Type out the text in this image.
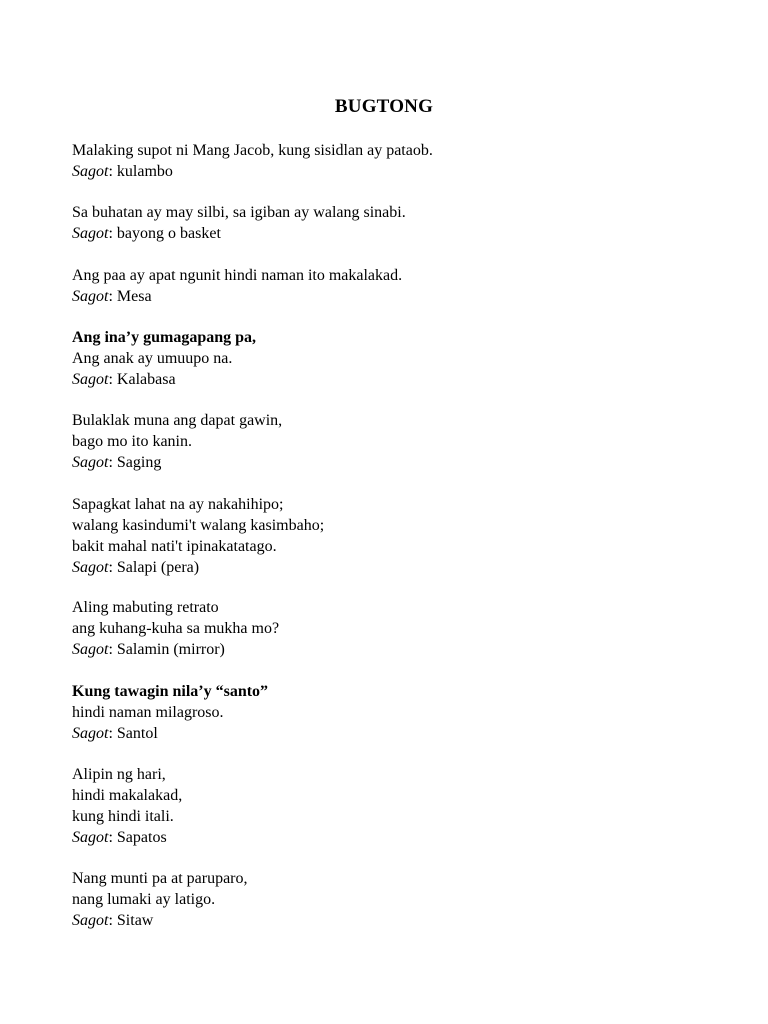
BUGTONG
Malaking supot ni Mang Jacob, kung sisidlan ay pataob.
Sagot: kulambo
Sa buhatan ay may silbi, sa igiban ay walang sinabi.
Sagot: bayong o basket
Ang paa ay apat ngunit hindi naman ito makalakad.
Sagot: Mesa
Ang ina’y gumagapang pa,
Ang anak ay umuupo na.
Sagot: Kalabasa
Bulaklak muna ang dapat gawin,
bago mo ito kanin.
Sagot: Saging
Sapagkat lahat na ay nakahihipo;
walang kasindumi't walang kasimbaho;
bakit mahal nati't ipinakatatago.
Sagot: Salapi (pera)
Aling mabuting retrato
ang kuhang-kuha sa mukha mo?
Sagot: Salamin (mirror)
Kung tawagin nila’y “santo”
hindi naman milagroso.
Sagot: Santol
Alipin ng hari,
hindi makalakad,
kung hindi itali.
Sagot: Sapatos
Nang munti pa at paruparo,
nang lumaki ay latigo.
Sagot: Sitaw
